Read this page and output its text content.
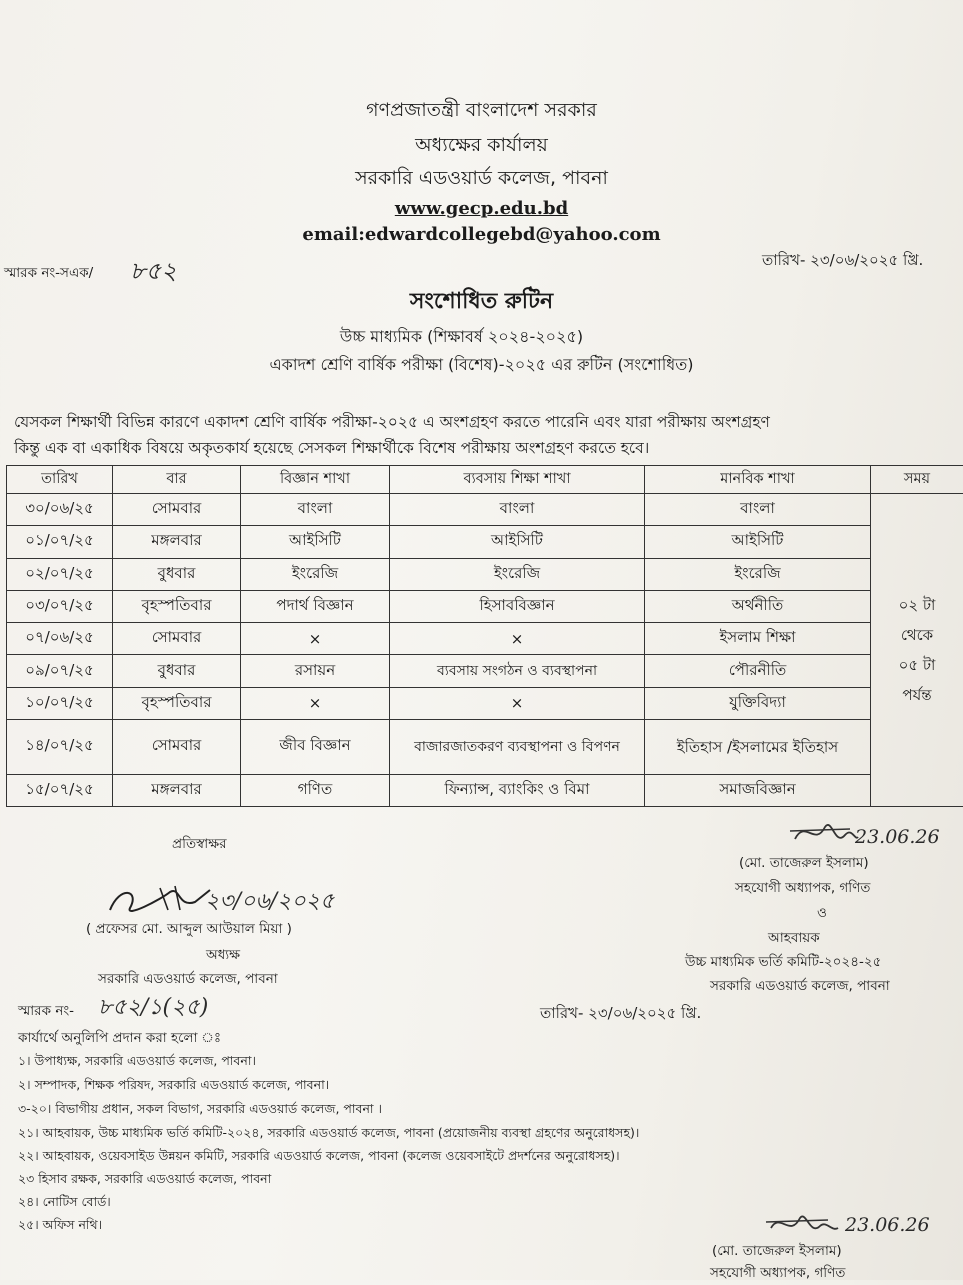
গণপ্রজাতন্ত্রী বাংলাদেশ সরকার
অধ্যক্ষের কার্যালয়
সরকারি এডওয়ার্ড কলেজ, পাবনা
www.gecp.edu.bd
email:edwardcollegebd@yahoo.com
স্মারক নং-সএক/ ৮৫২	তারিখ- ২৩/০৬/২০২৫ খ্রি.
সংশোধিত রুটিন
উচ্চ মাধ্যমিক (শিক্ষাবর্ষ ২০২৪-২০২৫)
একাদশ শ্রেণি বার্ষিক পরীক্ষা (বিশেষ)-২০২৫ এর রুটিন (সংশোধিত)
যেসকল শিক্ষার্থী বিভিন্ন কারণে একাদশ শ্রেণি বার্ষিক পরীক্ষা-২০২৫ এ অংশগ্রহণ করতে পারেনি এবং যারা পরীক্ষায় অংশগ্রহণ
কিন্তু এক বা একাধিক বিষয়ে অকৃতকার্য হয়েছে সেসকল শিক্ষার্থীকে বিশেষ পরীক্ষায় অংশগ্রহণ করতে হবে।
তারিখ	বার	বিজ্ঞান শাখা	ব্যবসায় শিক্ষা শাখা	মানবিক শাখা	সময়
৩০/০৬/২৫	সোমবার	বাংলা	বাংলা	বাংলা	০২ টা
থেকে
০৫ টা
পর্যন্ত
০১/০৭/২৫	মঙ্গলবার	আইসিটি	আইসিটি	আইসিটি	
০২/০৭/২৫	বুধবার	ইংরেজি	ইংরেজি	ইংরেজি	
০৩/০৭/২৫	বৃহস্পতিবার	পদার্থ বিজ্ঞান	হিসাববিজ্ঞান	অর্থনীতি	
০৭/০৬/২৫	সোমবার	×	×	ইসলাম শিক্ষা	
০৯/০৭/২৫	বুধবার	রসায়ন	ব্যবসায় সংগঠন ও ব্যবস্থাপনা	পৌরনীতি	
১০/০৭/২৫	বৃহস্পতিবার	×	×	যুক্তিবিদ্যা	
১৪/০৭/২৫	সোমবার	জীব বিজ্ঞান	বাজারজাতকরণ ব্যবস্থাপনা ও বিপণন	ইতিহাস /ইসলামের ইতিহাস	
১৫/০৭/২৫	মঙ্গলবার	গণিত	ফিন্যান্স, ব্যাংকিং ও বিমা	সমাজবিজ্ঞান	
প্রতিস্বাক্ষর
২৩/০৬/২০২৫
( প্রফেসর মো. আব্দুল আউয়াল মিয়া )
অধ্যক্ষ
সরকারি এডওয়ার্ড কলেজ, পাবনা
23.06.26
(মো. তাজেরুল ইসলাম)
সহযোগী অধ্যাপক, গণিত
ও
আহবায়ক
উচ্চ মাধ্যমিক ভর্তি কমিটি-২০২৪-২৫
সরকারি এডওয়ার্ড কলেজ, পাবনা
স্মারক নং- ৮৫২/১(২৫)	তারিখ- ২৩/০৬/২০২৫ খ্রি.
কার্যার্থে অনুলিপি প্রদান করা হলো ঃ
১। উপাধ্যক্ষ, সরকারি এডওয়ার্ড কলেজ, পাবনা।
২। সম্পাদক, শিক্ষক পরিষদ, সরকারি এডওয়ার্ড কলেজ, পাবনা।
৩-২০। বিভাগীয় প্রধান, সকল বিভাগ, সরকারি এডওয়ার্ড কলেজ, পাবনা ।
২১। আহবায়ক, উচ্চ মাধ্যমিক ভর্তি কমিটি-২০২৪, সরকারি এডওয়ার্ড কলেজ, পাবনা (প্রয়োজনীয় ব্যবস্থা গ্রহণের অনুরোধসহ)।
২২। আহবায়ক, ওয়েবসাইড উন্নয়ন কমিটি, সরকারি এডওয়ার্ড কলেজ, পাবনা (কলেজ ওয়েবসাইটে প্রদর্শনের অনুরোধসহ)।
২৩ হিসাব রক্ষক, সরকারি এডওয়ার্ড কলেজ, পাবনা
২৪। নোটিস বোর্ড।
২৫। অফিস নথি।	23.06.26
(মো. তাজেরুল ইসলাম)
সহযোগী অধ্যাপক, গণিত
